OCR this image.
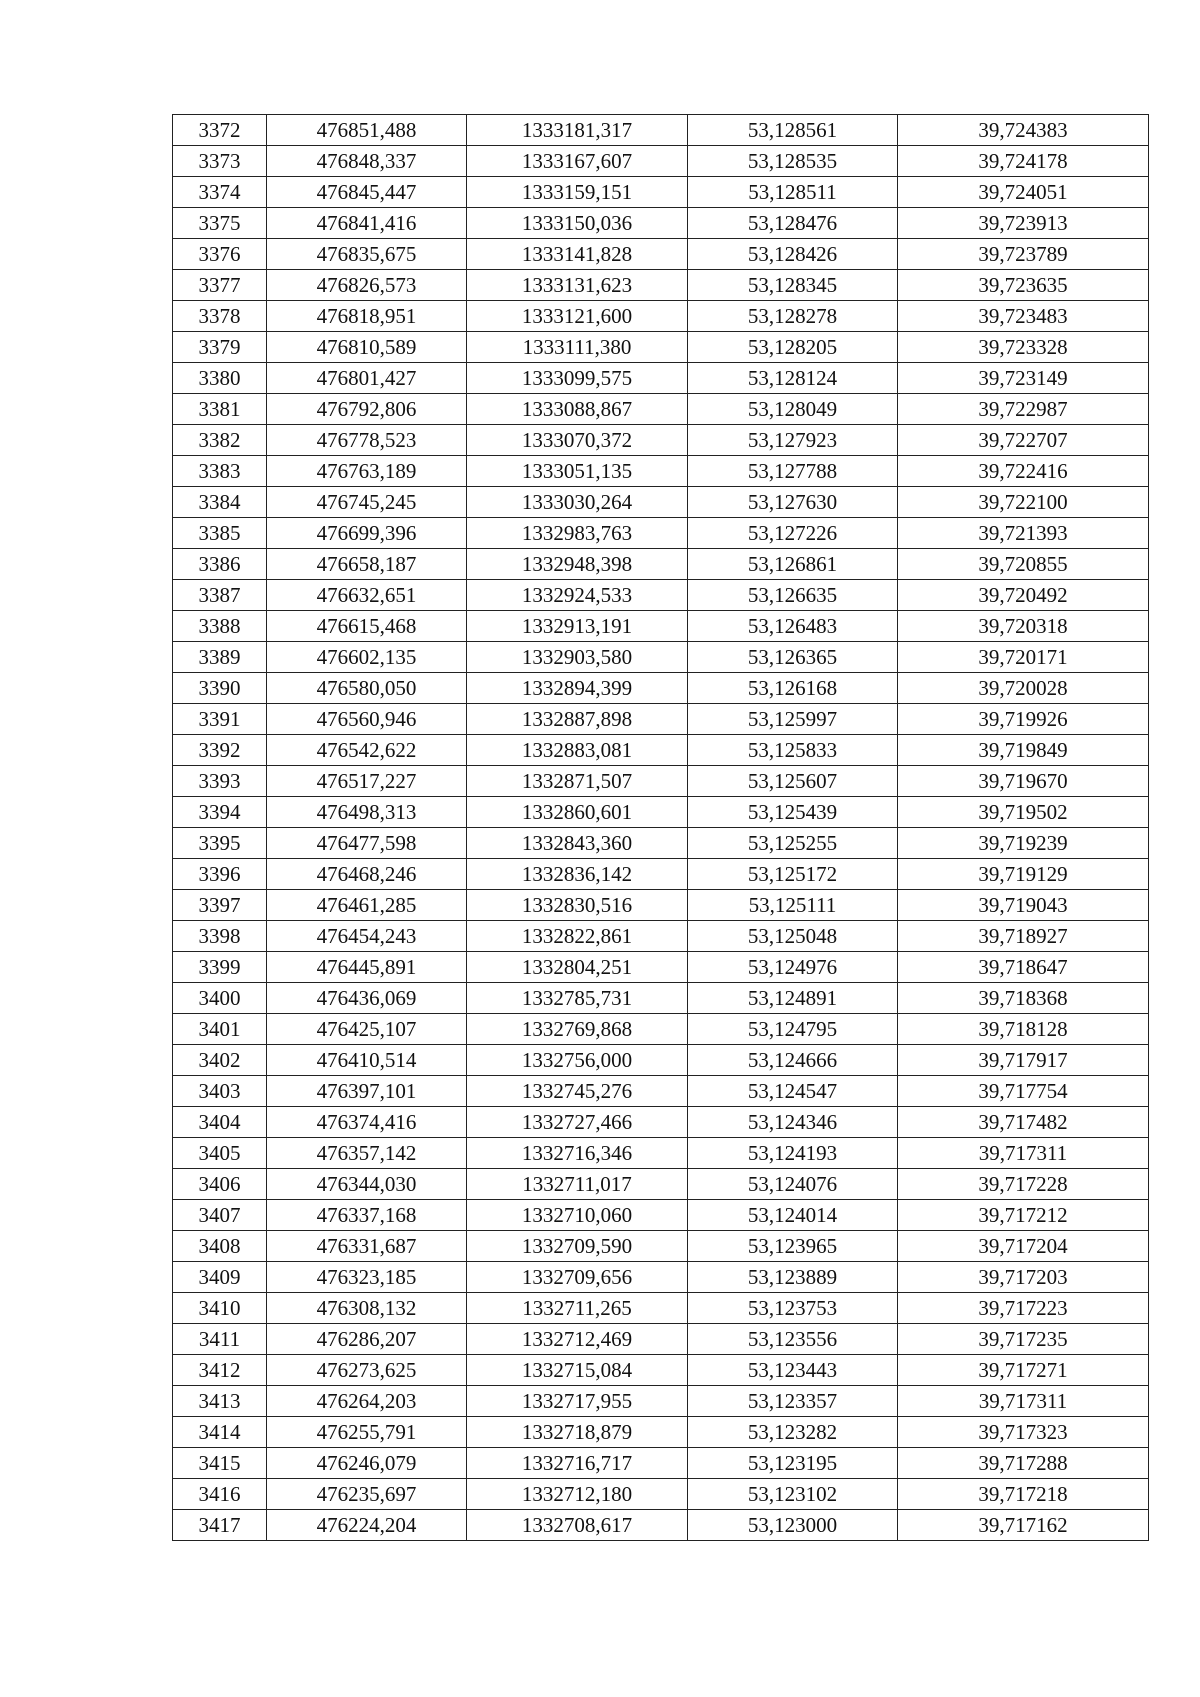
3372	476851,488	1333181,317	53,128561	39,724383
3373	476848,337	1333167,607	53,128535	39,724178
3374	476845,447	1333159,151	53,128511	39,724051
3375	476841,416	1333150,036	53,128476	39,723913
3376	476835,675	1333141,828	53,128426	39,723789
3377	476826,573	1333131,623	53,128345	39,723635
3378	476818,951	1333121,600	53,128278	39,723483
3379	476810,589	1333111,380	53,128205	39,723328
3380	476801,427	1333099,575	53,128124	39,723149
3381	476792,806	1333088,867	53,128049	39,722987
3382	476778,523	1333070,372	53,127923	39,722707
3383	476763,189	1333051,135	53,127788	39,722416
3384	476745,245	1333030,264	53,127630	39,722100
3385	476699,396	1332983,763	53,127226	39,721393
3386	476658,187	1332948,398	53,126861	39,720855
3387	476632,651	1332924,533	53,126635	39,720492
3388	476615,468	1332913,191	53,126483	39,720318
3389	476602,135	1332903,580	53,126365	39,720171
3390	476580,050	1332894,399	53,126168	39,720028
3391	476560,946	1332887,898	53,125997	39,719926
3392	476542,622	1332883,081	53,125833	39,719849
3393	476517,227	1332871,507	53,125607	39,719670
3394	476498,313	1332860,601	53,125439	39,719502
3395	476477,598	1332843,360	53,125255	39,719239
3396	476468,246	1332836,142	53,125172	39,719129
3397	476461,285	1332830,516	53,125111	39,719043
3398	476454,243	1332822,861	53,125048	39,718927
3399	476445,891	1332804,251	53,124976	39,718647
3400	476436,069	1332785,731	53,124891	39,718368
3401	476425,107	1332769,868	53,124795	39,718128
3402	476410,514	1332756,000	53,124666	39,717917
3403	476397,101	1332745,276	53,124547	39,717754
3404	476374,416	1332727,466	53,124346	39,717482
3405	476357,142	1332716,346	53,124193	39,717311
3406	476344,030	1332711,017	53,124076	39,717228
3407	476337,168	1332710,060	53,124014	39,717212
3408	476331,687	1332709,590	53,123965	39,717204
3409	476323,185	1332709,656	53,123889	39,717203
3410	476308,132	1332711,265	53,123753	39,717223
3411	476286,207	1332712,469	53,123556	39,717235
3412	476273,625	1332715,084	53,123443	39,717271
3413	476264,203	1332717,955	53,123357	39,717311
3414	476255,791	1332718,879	53,123282	39,717323
3415	476246,079	1332716,717	53,123195	39,717288
3416	476235,697	1332712,180	53,123102	39,717218
3417	476224,204	1332708,617	53,123000	39,717162
